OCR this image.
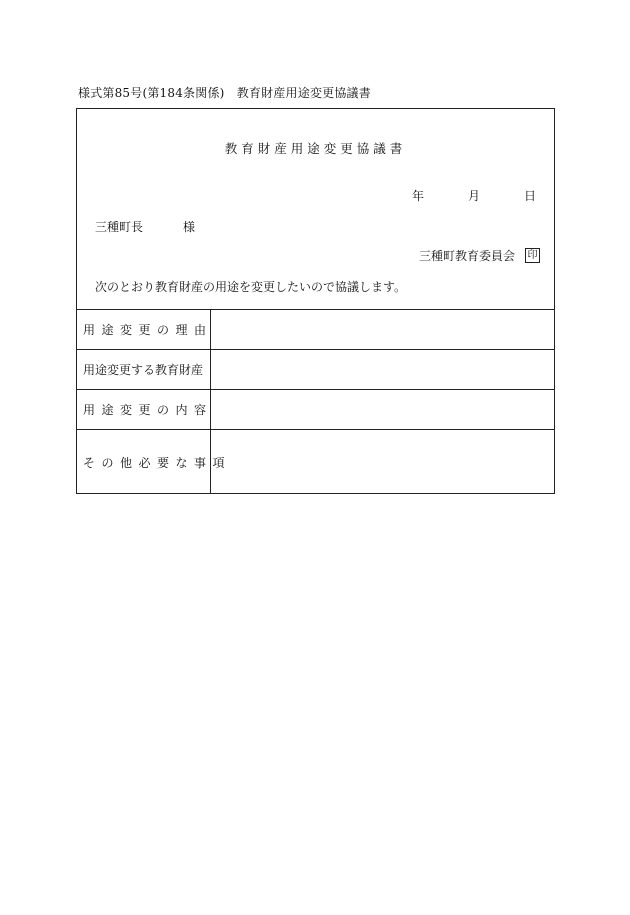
様式第85号(第184条関係)　教育財産用途変更協議書
教育財産用途変更協議書
年	月	日
三種町長	様
三種町教育委員会 印
次のとおり教育財産の用途を変更したいので協議します。
用途変更の理由
用途変更する教育財産
用途変更の内容
その他必要な事項
